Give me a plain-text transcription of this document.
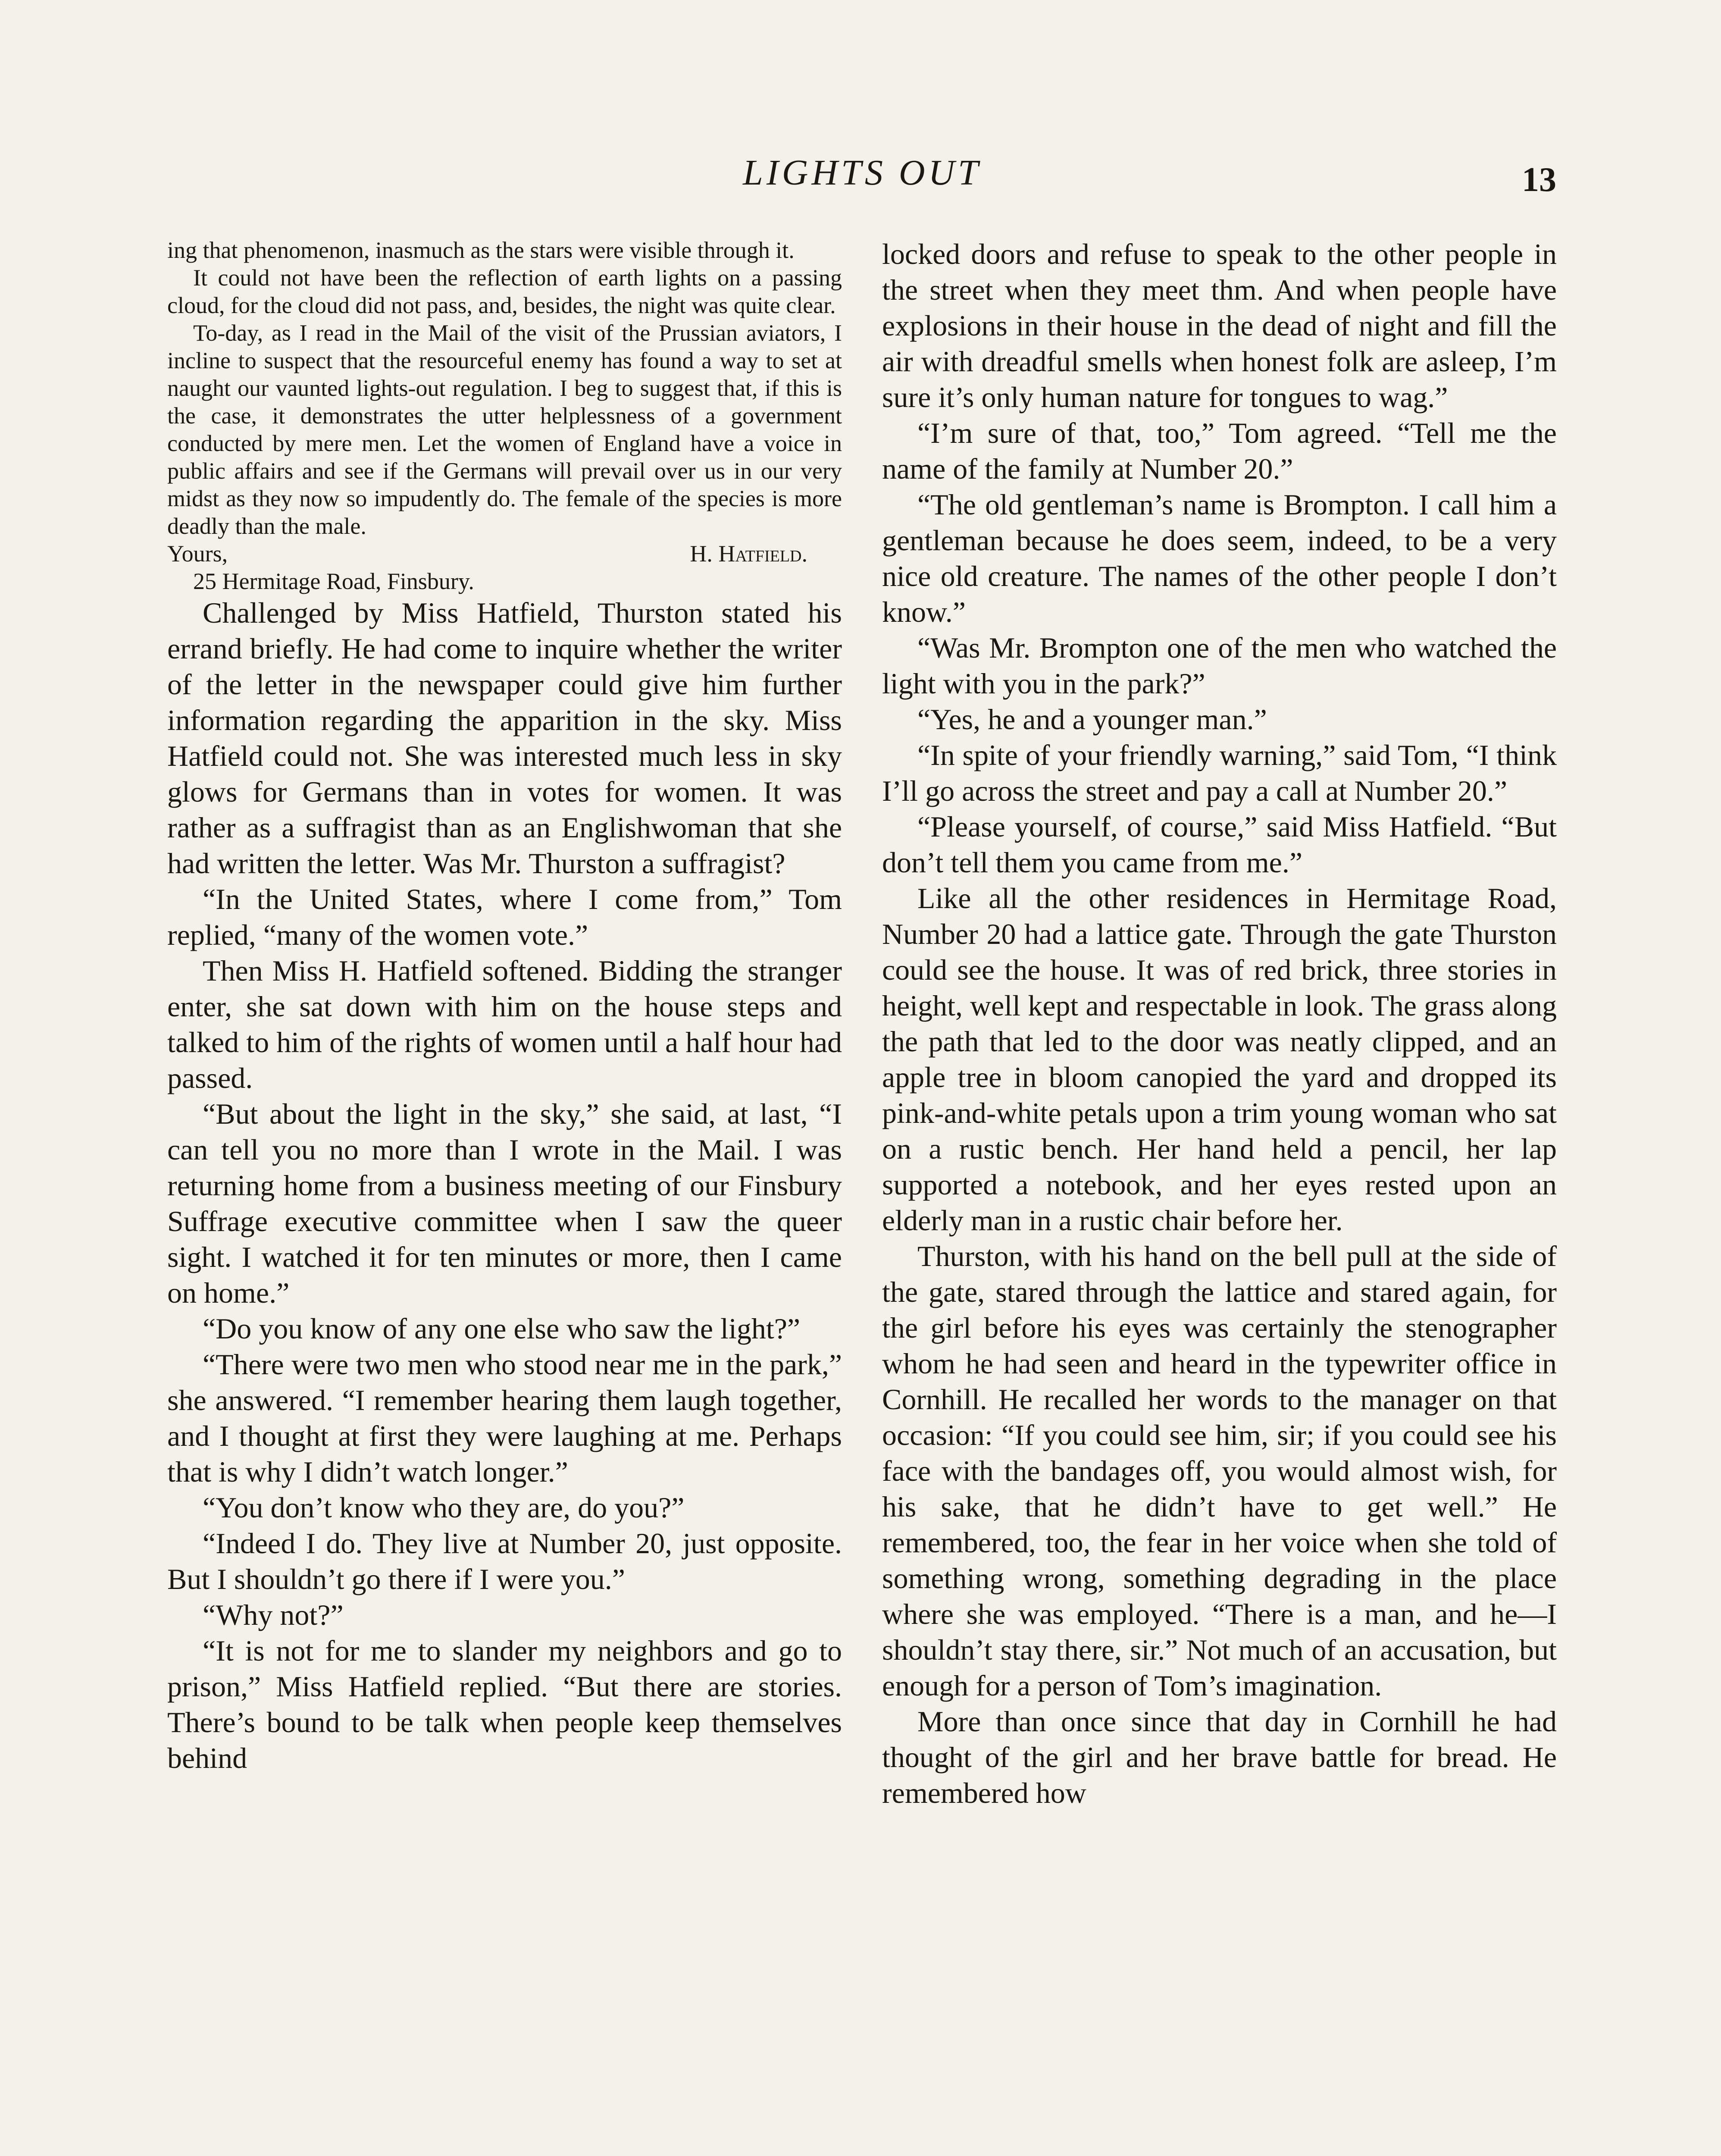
LIGHTS OUT	13

ing that phenomenon, inasmuch as the stars were visible through it.

It could not have been the reflection of earth lights on a passing cloud, for the cloud did not pass, and, besides, the night was quite clear.

To-day, as I read in the Mail of the visit of the Prussian aviators, I incline to suspect that the resourceful enemy has found a way to set at naught our vaunted lights-out regulation. I beg to suggest that, if this is the case, it demonstrates the utter helplessness of a government conducted by mere men. Let the women of England have a voice in public affairs and see if the Germans will prevail over us in our very midst as they now so impudently do. The female of the species is more deadly than the male.

Yours,	H. Hatfield.

25 Hermitage Road, Finsbury.

Challenged by Miss Hatfield, Thurston stated his errand briefly. He had come to inquire whether the writer of the letter in the newspaper could give him further information regarding the apparition in the sky. Miss Hatfield could not. She was interested much less in sky glows for Germans than in votes for women. It was rather as a suffragist than as an Englishwoman that she had written the letter. Was Mr. Thurston a suffragist?

“In the United States, where I come from,” Tom replied, “many of the women vote.”

Then Miss H. Hatfield softened. Bidding the stranger enter, she sat down with him on the house steps and talked to him of the rights of women until a half hour had passed.

“But about the light in the sky,” she said, at last, “I can tell you no more than I wrote in the Mail. I was returning home from a business meeting of our Finsbury Suffrage executive committee when I saw the queer sight. I watched it for ten minutes or more, then I came on home.”

“Do you know of any one else who saw the light?”

“There were two men who stood near me in the park,” she answered. “I remember hearing them laugh together, and I thought at first they were laughing at me. Perhaps that is why I didn’t watch longer.”

“You don’t know who they are, do you?”

“Indeed I do. They live at Number 20, just opposite. But I shouldn’t go there if I were you.”

“Why not?”

“It is not for me to slander my neighbors and go to prison,” Miss Hatfield replied. “But there are stories. There’s bound to be talk when people keep themselves behind

locked doors and refuse to speak to the other people in the street when they meet thm. And when people have explosions in their house in the dead of night and fill the air with dreadful smells when honest folk are asleep, I’m sure it’s only human nature for tongues to wag.”

“I’m sure of that, too,” Tom agreed. “Tell me the name of the family at Number 20.”

“The old gentleman’s name is Brompton. I call him a gentleman because he does seem, indeed, to be a very nice old creature. The names of the other people I don’t know.”

“Was Mr. Brompton one of the men who watched the light with you in the park?”

“Yes, he and a younger man.”

“In spite of your friendly warning,” said Tom, “I think I’ll go across the street and pay a call at Number 20.”

“Please yourself, of course,” said Miss Hatfield. “But don’t tell them you came from me.”

Like all the other residences in Hermitage Road, Number 20 had a lattice gate. Through the gate Thurston could see the house. It was of red brick, three stories in height, well kept and respectable in look. The grass along the path that led to the door was neatly clipped, and an apple tree in bloom canopied the yard and dropped its pink-and-white petals upon a trim young woman who sat on a rustic bench. Her hand held a pencil, her lap supported a notebook, and her eyes rested upon an elderly man in a rustic chair before her.

Thurston, with his hand on the bell pull at the side of the gate, stared through the lattice and stared again, for the girl before his eyes was certainly the stenographer whom he had seen and heard in the typewriter office in Cornhill. He recalled her words to the manager on that occasion: “If you could see him, sir; if you could see his face with the bandages off, you would almost wish, for his sake, that he didn’t have to get well.” He remembered, too, the fear in her voice when she told of something wrong, something degrading in the place where she was employed. “There is a man, and he—I shouldn’t stay there, sir.” Not much of an accusation, but enough for a person of Tom’s imagination.

More than once since that day in Cornhill he had thought of the girl and her brave battle for bread. He remembered how
